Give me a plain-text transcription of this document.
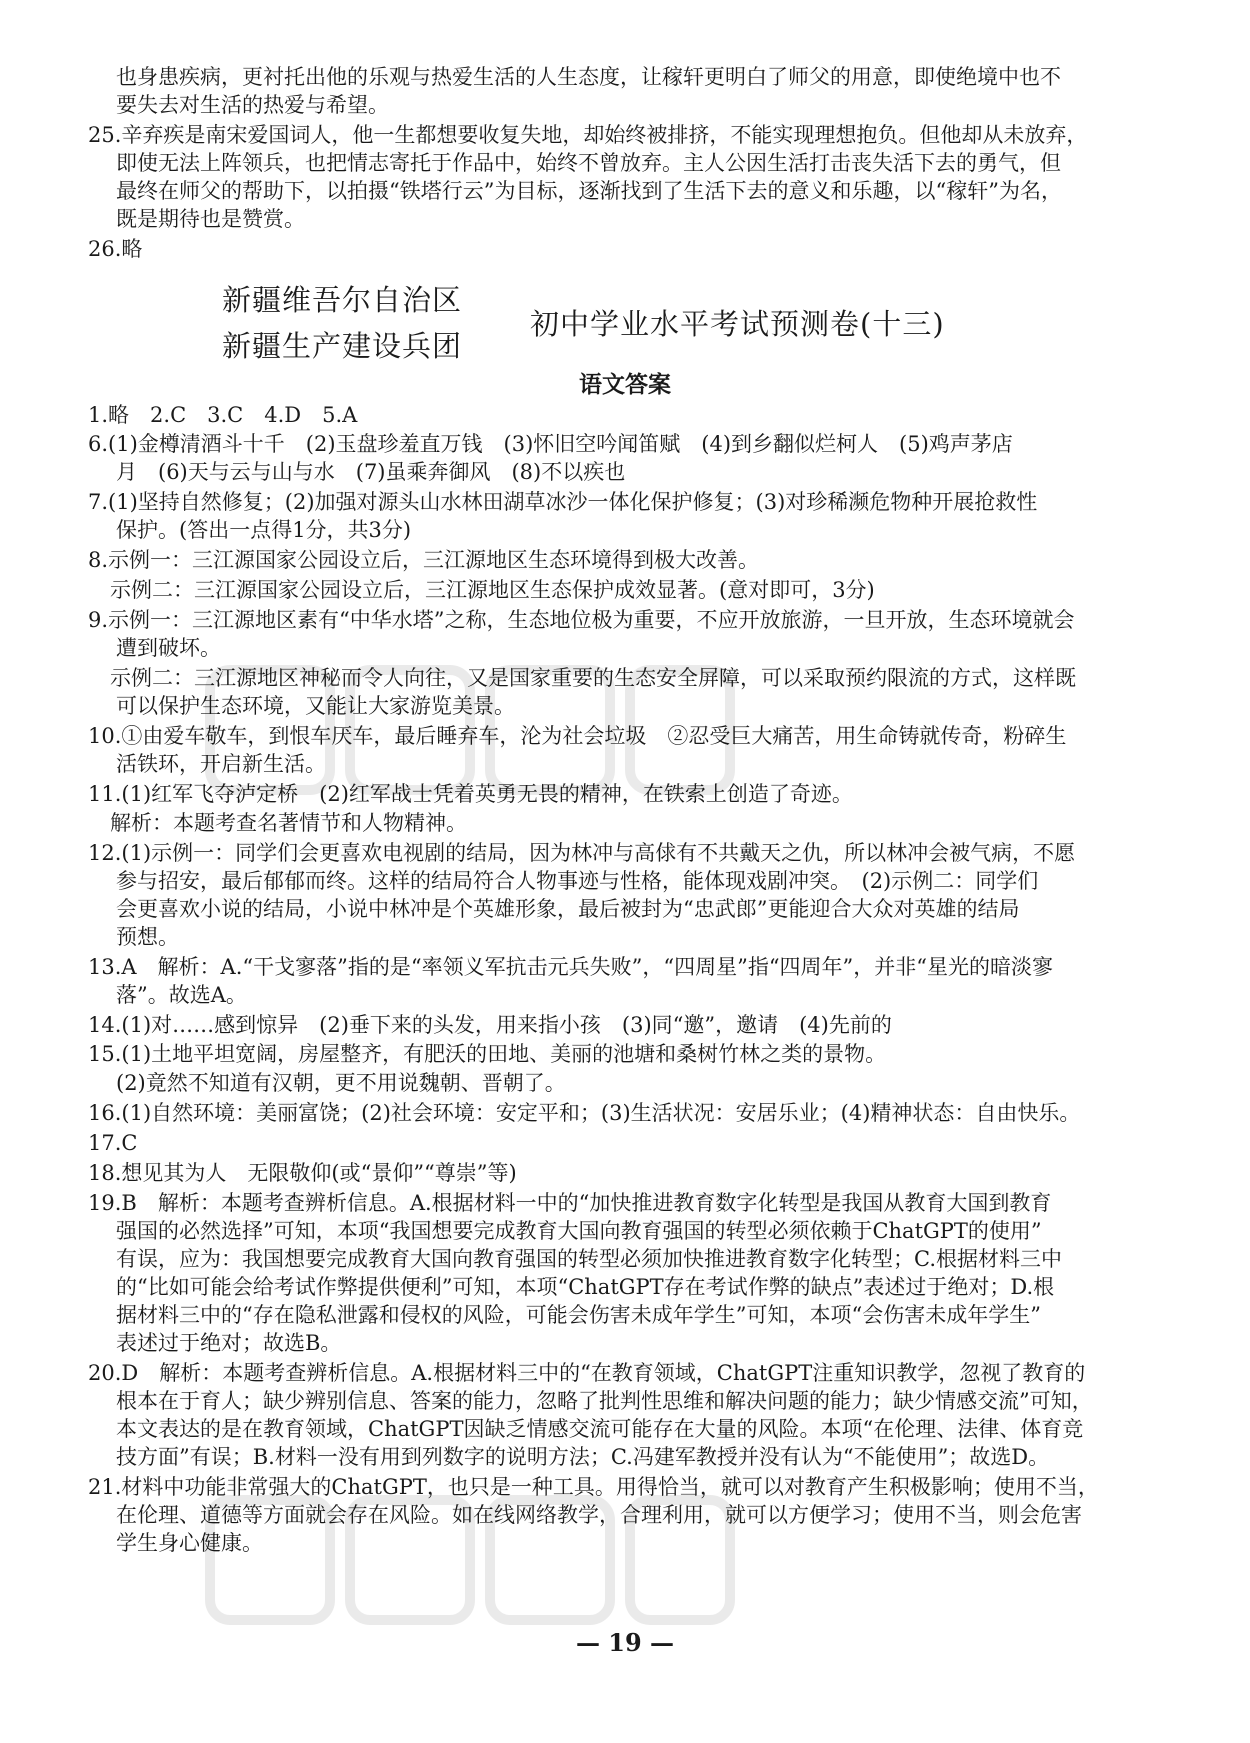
也身患疾病，更衬托出他的乐观与热爱生活的人生态度，让稼轩更明白了师父的用意，即使绝境中也不
要失去对生活的热爱与希望。
25.辛弃疾是南宋爱国词人，他一生都想要收复失地，却始终被排挤，不能实现理想抱负。但他却从未放弃，
即使无法上阵领兵，也把情志寄托于作品中，始终不曾放弃。主人公因生活打击丧失活下去的勇气，但
最终在师父的帮助下，以拍摄“铁塔行云”为目标，逐渐找到了生活下去的意义和乐趣，以“稼轩”为名，
既是期待也是赞赏。
26.略
新疆维吾尔自治区
新疆生产建设兵团
初中学业水平考试预测卷(十三)
语文答案
1.略　2.C　3.C　4.D　5.A
6.(1)金樽清酒斗十千　(2)玉盘珍羞直万钱　(3)怀旧空吟闻笛赋　(4)到乡翻似烂柯人　(5)鸡声茅店
月　(6)天与云与山与水　(7)虽乘奔御风　(8)不以疾也
7.(1)坚持自然修复；(2)加强对源头山水林田湖草冰沙一体化保护修复；(3)对珍稀濒危物种开展抢救性
保护。(答出一点得1分，共3分)
8.示例一：三江源国家公园设立后，三江源地区生态环境得到极大改善。
示例二：三江源国家公园设立后，三江源地区生态保护成效显著。(意对即可，3分)
9.示例一：三江源地区素有“中华水塔”之称，生态地位极为重要，不应开放旅游，一旦开放，生态环境就会
遭到破坏。
示例二：三江源地区神秘而令人向往，又是国家重要的生态安全屏障，可以采取预约限流的方式，这样既
可以保护生态环境，又能让大家游览美景。
10.①由爱车敬车，到恨车厌车，最后睡弃车，沦为社会垃圾　②忍受巨大痛苦，用生命铸就传奇，粉碎生
活铁环，开启新生活。
11.(1)红军飞夺泸定桥　(2)红军战士凭着英勇无畏的精神，在铁索上创造了奇迹。
解析：本题考查名著情节和人物精神。
12.(1)示例一：同学们会更喜欢电视剧的结局，因为林冲与高俅有不共戴天之仇，所以林冲会被气病，不愿
参与招安，最后郁郁而终。这样的结局符合人物事迹与性格，能体现戏剧冲突。　(2)示例二：同学们
会更喜欢小说的结局，小说中林冲是个英雄形象，最后被封为“忠武郎”更能迎合大众对英雄的结局
预想。
13.A　解析：A.“干戈寥落”指的是“率领义军抗击元兵失败”，“四周星”指“四周年”，并非“星光的暗淡寥
落”。故选A。
14.(1)对……感到惊异　(2)垂下来的头发，用来指小孩　(3)同“邀”，邀请　(4)先前的
15.(1)土地平坦宽阔，房屋整齐，有肥沃的田地、美丽的池塘和桑树竹林之类的景物。
(2)竟然不知道有汉朝，更不用说魏朝、晋朝了。
16.(1)自然环境：美丽富饶；(2)社会环境：安定平和；(3)生活状况：安居乐业；(4)精神状态：自由快乐。
17.C
18.想见其为人　无限敬仰(或“景仰”“尊崇”等)
19.B　解析：本题考查辨析信息。A.根据材料一中的“加快推进教育数字化转型是我国从教育大国到教育
强国的必然选择”可知，本项“我国想要完成教育大国向教育强国的转型必须依赖于ChatGPT的使用”
有误，应为：我国想要完成教育大国向教育强国的转型必须加快推进教育数字化转型；C.根据材料三中
的“比如可能会给考试作弊提供便利”可知，本项“ChatGPT存在考试作弊的缺点”表述过于绝对；D.根
据材料三中的“存在隐私泄露和侵权的风险，可能会伤害未成年学生”可知，本项“会伤害未成年学生”
表述过于绝对；故选B。
20.D　解析：本题考查辨析信息。A.根据材料三中的“在教育领域，ChatGPT注重知识教学，忽视了教育的
根本在于育人；缺少辨别信息、答案的能力，忽略了批判性思维和解决问题的能力；缺少情感交流”可知，
本文表达的是在教育领域，ChatGPT因缺乏情感交流可能存在大量的风险。本项“在伦理、法律、体育竞
技方面”有误；B.材料一没有用到列数字的说明方法；C.冯建军教授并没有认为“不能使用”；故选D。
21.材料中功能非常强大的ChatGPT，也只是一种工具。用得恰当，就可以对教育产生积极影响；使用不当，
在伦理、道德等方面就会存在风险。如在线网络教学，合理利用，就可以方便学习；使用不当，则会危害
学生身心健康。
— 19 —
